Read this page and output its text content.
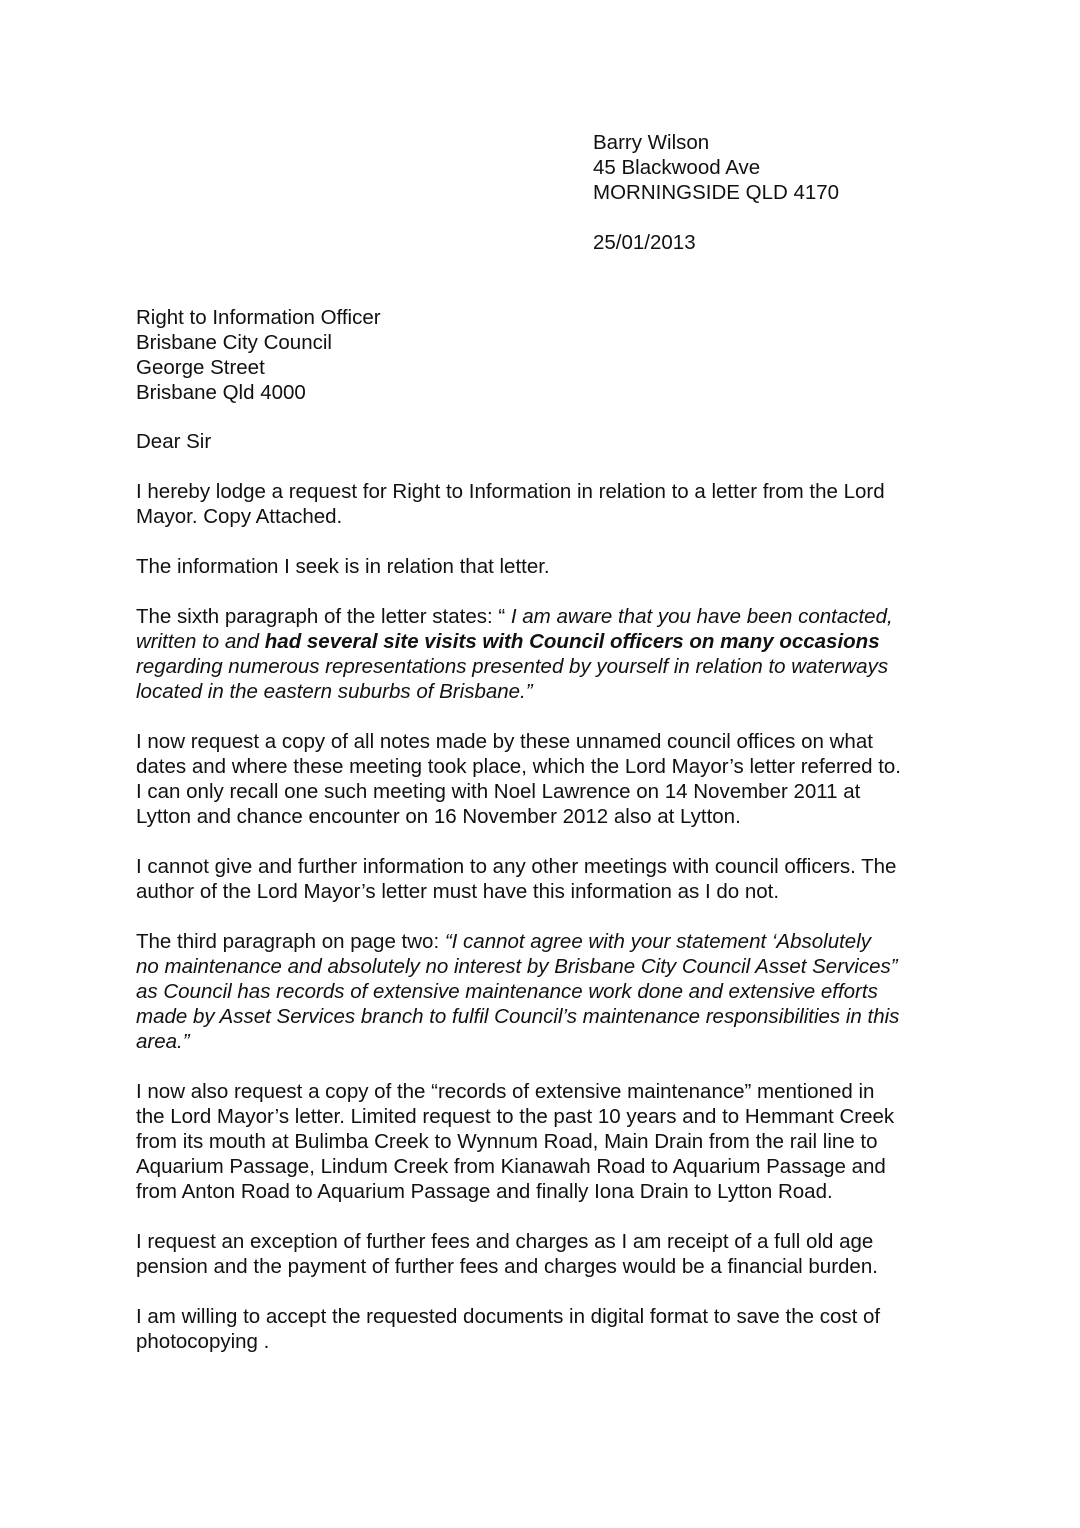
Barry Wilson
45 Blackwood Ave
MORNINGSIDE QLD 4170
25/01/2013
Right to Information Officer
Brisbane City Council
George Street
Brisbane Qld 4000
Dear Sir
I hereby lodge a request for Right to Information in relation to a letter from the Lord
Mayor. Copy Attached.
The information I seek is in relation that letter.
The sixth paragraph of the letter states: “ I am aware that you have been contacted,
written to and had several site visits with Council officers on many occasions
regarding numerous representations presented by yourself in relation to waterways
located in the eastern suburbs of Brisbane.”
I now request a copy of all notes made by these unnamed council offices on what
dates and where these meeting took place, which the Lord Mayor’s letter referred to.
I can only recall one such meeting with Noel Lawrence on 14 November 2011 at
Lytton and chance encounter on 16 November 2012 also at Lytton.
I cannot give and further information to any other meetings with council officers. The
author of the Lord Mayor’s letter must have this information as I do not.
The third paragraph on page two: “I cannot agree with your statement ‘Absolutely
no maintenance and absolutely no interest by Brisbane City Council Asset Services”
as Council has records of extensive maintenance work done and extensive efforts
made by Asset Services branch to fulfil Council’s maintenance responsibilities in this
area.”
I now also request a copy of the “records of extensive maintenance” mentioned in
the Lord Mayor’s letter. Limited request to the past 10 years and to Hemmant Creek
from its mouth at Bulimba Creek to Wynnum Road, Main Drain from the rail line to
Aquarium Passage, Lindum Creek from Kianawah Road to Aquarium Passage and
from Anton Road to Aquarium Passage and finally Iona Drain to Lytton Road.
I request an exception of further fees and charges as I am receipt of a full old age
pension and the payment of further fees and charges would be a financial burden.
I am willing to accept the requested documents in digital format to save the cost of
photocopying .
